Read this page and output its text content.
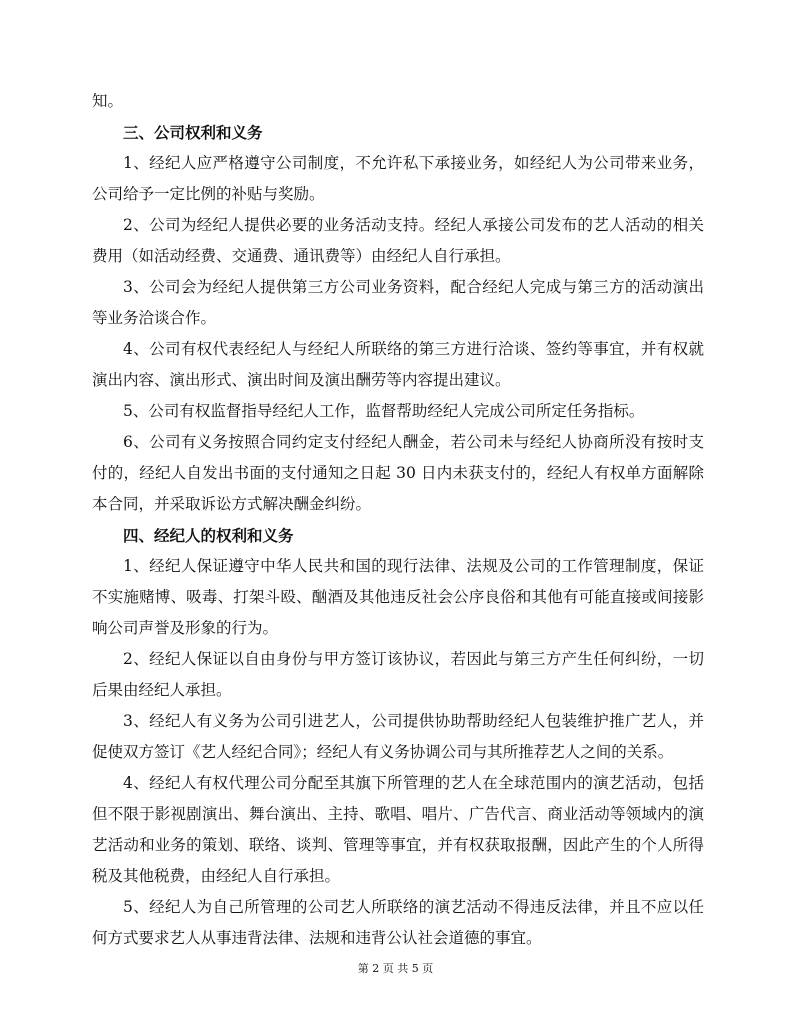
知。
三、公司权利和义务
1、经纪人应严格遵守公司制度，不允许私下承接业务，如经纪人为公司带来业务，
公司给予一定比例的补贴与奖励。
2、公司为经纪人提供必要的业务活动支持。经纪人承接公司发布的艺人活动的相关
费用（如活动经费、交通费、通讯费等）由经纪人自行承担。
3、公司会为经纪人提供第三方公司业务资料，配合经纪人完成与第三方的活动演出
等业务洽谈合作。
4、公司有权代表经纪人与经纪人所联络的第三方进行洽谈、签约等事宜，并有权就
演出内容、演出形式、演出时间及演出酬劳等内容提出建议。
5、公司有权监督指导经纪人工作，监督帮助经纪人完成公司所定任务指标。
6、公司有义务按照合同约定支付经纪人酬金，若公司未与经纪人协商所没有按时支
付的，经纪人自发出书面的支付通知之日起 30 日内未获支付的，经纪人有权单方面解除
本合同，并采取诉讼方式解决酬金纠纷。
四、经纪人的权利和义务
1、经纪人保证遵守中华人民共和国的现行法律、法规及公司的工作管理制度，保证
不实施赌博、吸毒、打架斗殴、酗酒及其他违反社会公序良俗和其他有可能直接或间接影
响公司声誉及形象的行为。
2、经纪人保证以自由身份与甲方签订该协议，若因此与第三方产生任何纠纷，一切
后果由经纪人承担。
3、经纪人有义务为公司引进艺人，公司提供协助帮助经纪人包装维护推广艺人，并
促使双方签订《艺人经纪合同》；经纪人有义务协调公司与其所推荐艺人之间的关系。
4、经纪人有权代理公司分配至其旗下所管理的艺人在全球范围内的演艺活动，包括
但不限于影视剧演出、舞台演出、主持、歌唱、唱片、广告代言、商业活动等领域内的演
艺活动和业务的策划、联络、谈判、管理等事宜，并有权获取报酬，因此产生的个人所得
税及其他税费，由经纪人自行承担。
5、经纪人为自己所管理的公司艺人所联络的演艺活动不得违反法律，并且不应以任
何方式要求艺人从事违背法律、法规和违背公认社会道德的事宜。
第 2 页 共 5 页
